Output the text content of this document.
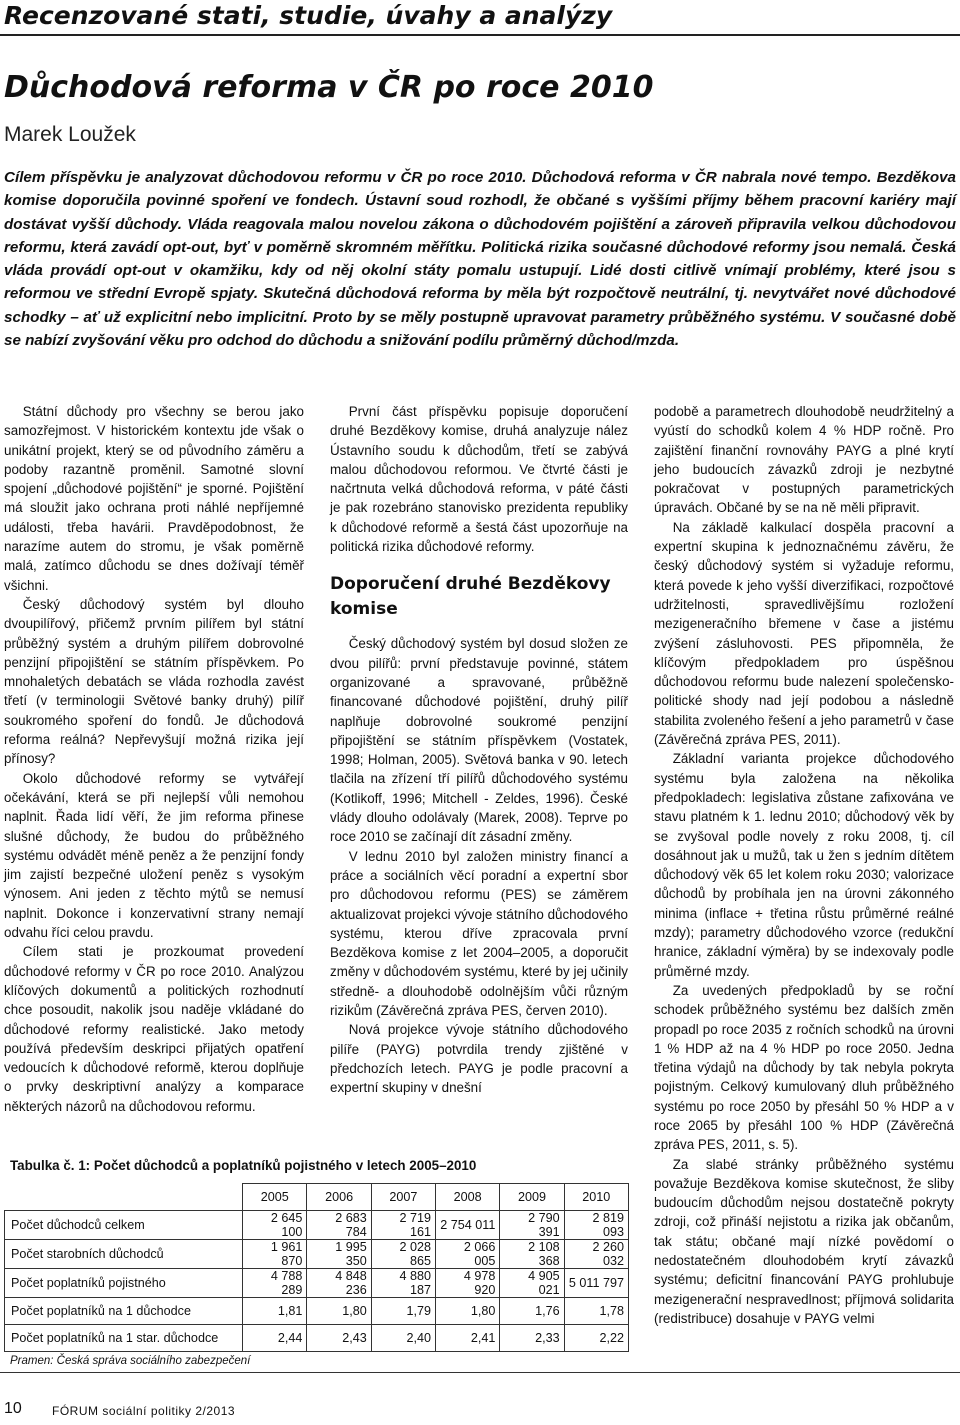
Recenzované stati, studie, úvahy a analýzy
Důchodová reforma v ČR po roce 2010
Marek Loužek

Cílem příspěvku je analyzovat důchodovou reformu v ČR po roce 2010. Důchodová reforma v ČR nabrala nové tempo. Bezděkova komise doporučila povinné spoření ve fondech. Ústavní soud rozhodl, že občané s vyššími příjmy během pracovní kariéry mají dostávat vyšší důchody. Vláda reagovala malou novelou zákona o důchodovém pojištění a zároveň připravila velkou důchodovou reformu, která zavádí opt-out, byť v poměrně skromném měřítku. Politická rizika současné důchodové reformy jsou nemalá. Česká vláda provádí opt-out v okamžiku, kdy od něj okolní státy pomalu ustupují. Lidé dosti citlivě vnímají problémy, které jsou s reformou ve střední Evropě spjaty. Skutečná důchodová reforma by měla být rozpočtově neutrální, tj. nevytvářet nové důchodové schodky – ať už explicitní nebo implicitní. Proto by se měly postupně upravovat parametry průběžného systému. V současné době se nabízí zvyšování věku pro odchod do důchodu a snižování podílu průměrný důchod/mzda.

Státní důchody pro všechny se berou jako samozřejmost. V historickém kontextu jde však o unikátní projekt, který se od původního záměru a podoby razantně proměnil. Samotné slovní spojení „důchodové pojištění“ je sporné. Pojištění má sloužit jako ochrana proti náhlé nepříjemné události, třeba havárii. Pravděpodobnost, že narazíme autem do stromu, je však poměrně malá, zatímco důchodu se dnes dožívají téměř všichni.

Český důchodový systém byl dlouho dvoupilířový, přičemž prvním pilířem byl státní průběžný systém a druhým pilířem dobrovolné penzijní připojištění se státním příspěvkem. Po mnohaletých debatách se vláda rozhodla zavést třetí (v terminologii Světové banky druhý) pilíř soukromého spoření do fondů. Je důchodová reforma reálná? Nepřevyšují možná rizika její přínosy?

Okolo důchodové reformy se vytvářejí očekávání, která se při nejlepší vůli nemohou naplnit. Řada lidí věří, že jim reforma přinese slušné důchody, že budou do průběžného systému odvádět méně peněz a že penzijní fondy jim zajistí bezpečné uložení peněz s vysokým výnosem. Ani jeden z těchto mýtů se nemusí naplnit. Dokonce i konzervativní strany nemají odvahu říci celou pravdu.

Cílem stati je prozkoumat provedení důchodové reformy v ČR po roce 2010. Analýzou klíčových dokumentů a politických rozhodnutí chce posoudit, nakolik jsou naděje vkládané do důchodové reformy realistické. Jako metody používá především deskripci přijatých opatření vedoucích k důchodové reformě, kterou doplňuje o prvky deskriptivní analýzy a komparace některých názorů na důchodovou reformu.

První část příspěvku popisuje doporučení druhé Bezděkovy komise, druhá analyzuje nález Ústavního soudu k důchodům, třetí se zabývá malou důchodovou reformou. Ve čtvrté části je načrtnuta velká důchodová reforma, v páté části je pak rozebráno stanovisko prezidenta republiky k důchodové reformě a šestá část upozorňuje na politická rizika důchodové reformy.

Doporučení druhé Bezděkovy komise

Český důchodový systém byl dosud složen ze dvou pilířů: první představuje povinné, státem organizované a spravované, průběžně financované důchodové pojištění, druhý pilíř naplňuje dobrovolné soukromé penzijní připojištění se státním příspěvkem (Vostatek, 1998; Holman, 2005). Světová banka v 90. letech tlačila na zřízení tří pilířů důchodového systému (Kotlikoff, 1996; Mitchell - Zeldes, 1996). České vlády dlouho odolávaly (Marek, 2008). Teprve po roce 2010 se začínají dít zásadní změny.

V lednu 2010 byl založen ministry financí a práce a sociálních věcí poradní a expertní sbor pro důchodovou reformu (PES) se záměrem aktualizovat projekci vývoje státního důchodového systému, kterou dříve zpracovala první Bezděkova komise z let 2004–2005, a doporučit změny v důchodovém systému, které by jej učinily středně- a dlouhodobě odolnějším vůči různým rizikům (Závěrečná zpráva PES, červen 2010).

Nová projekce vývoje státního důchodového pilíře (PAYG) potvrdila trendy zjištěné v předchozích letech. PAYG je podle pracovní a expertní skupiny v dnešní

podobě a parametrech dlouhodobě neudržitelný a vyústí do schodků kolem 4 % HDP ročně. Pro zajištění finanční rovnováhy PAYG a plné krytí jeho budoucích závazků zdroji je nezbytné pokračovat v postupných parametrických úpravách. Občané by se na ně měli připravit.

Na základě kalkulací dospěla pracovní a expertní skupina k jednoznačnému závěru, že český důchodový systém si vyžaduje reformu, která povede k jeho vyšší diverzifikaci, rozpočtové udržitelnosti, spravedlivějšímu rozložení mezigeneračního břemene v čase a jistému zvýšení zásluhovosti. PES připomněla, že klíčovým předpokladem pro úspěšnou důchodovou reformu bude nalezení společensko-politické shody nad její podobou a následně stabilita zvoleného řešení a jeho parametrů v čase (Závěrečná zpráva PES, 2011).

Základní varianta projekce důchodového systému byla založena na několika předpokladech: legislativa zůstane zafixována ve stavu platném k 1. lednu 2010; důchodový věk by se zvyšoval podle novely z roku 2008, tj. cíl dosáhnout jak u mužů, tak u žen s jedním dítětem důchodový věk 65 let kolem roku 2030; valorizace důchodů by probíhala jen na úrovni zákonného minima (inflace + třetina růstu průměrné reálné mzdy); parametry důchodového vzorce (redukční hranice, základní výměra) by se indexovaly podle průměrné mzdy.

Za uvedených předpokladů by se roční schodek průběžného systému bez dalších změn propadl po roce 2035 z ročních schodků na úrovni 1 % HDP až na 4 % HDP po roce 2050. Jedna třetina výdajů na důchody by tak nebyla pokryta pojistným. Celkový kumulovaný dluh průběžného systému po roce 2050 by přesáhl 50 % HDP a v roce 2065 by přesáhl 100 % HDP (Závěrečná zpráva PES, 2011, s. 5).

Za slabé stránky průběžného systému považuje Bezděkova komise skutečnost, že sliby budoucím důchodům nejsou dostatečně pokryty zdroji, což přináší nejistotu a rizika jak občanům, tak státu; občané mají nízké povědomí o nedostatečném dlouhodobém krytí závazků systému; deficitní financování PAYG prohlubuje mezigenerační nespravedlnost; příjmová solidarita (redistribuce) dosahuje v PAYG velmi

Tabulka č. 1: Počet důchodců a poplatníků pojistného v letech 2005–2010
	2005	2006	2007	2008	2009	2010
Počet důchodců celkem	2 645 100	2 683 784	2 719 161	2 754 011	2 790 391	2 819 093
Počet starobních důchodců	1 961 870	1 995 350	2 028 865	2 066 005	2 108 368	2 260 032
Počet poplatníků pojistného	4 788 289	4 848 236	4 880 187	4 978 920	4 905 021	5 011 797
Počet poplatníků na 1 důchodce	1,81	1,80	1,79	1,80	1,76	1,78
Počet poplatníků na 1 star. důchodce	2,44	2,43	2,40	2,41	2,33	2,22
Pramen: Česká správa sociálního zabezpečení
10	FÓRUM sociální politiky 2/2013
